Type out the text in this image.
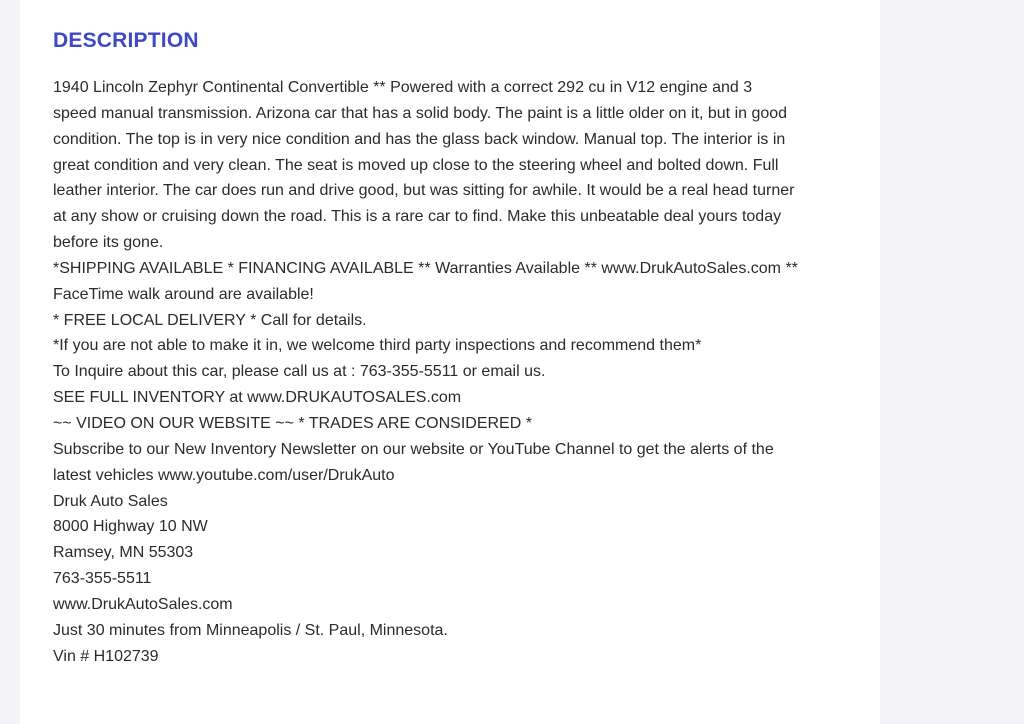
DESCRIPTION
1940 Lincoln Zephyr Continental Convertible ** Powered with a correct 292 cu in V12 engine and 3
speed manual transmission. Arizona car that has a solid body. The paint is a little older on it, but in good
condition. The top is in very nice condition and has the glass back window. Manual top. The interior is in
great condition and very clean. The seat is moved up close to the steering wheel and bolted down. Full
leather interior. The car does run and drive good, but was sitting for awhile. It would be a real head turner
at any show or cruising down the road. This is a rare car to find. Make this unbeatable deal yours today
before its gone.
*SHIPPING AVAILABLE * FINANCING AVAILABLE ** Warranties Available ** www.DrukAutoSales.com **
FaceTime walk around are available!
* FREE LOCAL DELIVERY * Call for details.
*If you are not able to make it in, we welcome third party inspections and recommend them*
To Inquire about this car, please call us at : 763-355-5511 or email us.
SEE FULL INVENTORY at www.DRUKAUTOSALES.com
~~ VIDEO ON OUR WEBSITE ~~ * TRADES ARE CONSIDERED *
Subscribe to our New Inventory Newsletter on our website or YouTube Channel to get the alerts of the
latest vehicles www.youtube.com/user/DrukAuto
Druk Auto Sales
8000 Highway 10 NW
Ramsey, MN 55303
763-355-5511
www.DrukAutoSales.com
Just 30 minutes from Minneapolis / St. Paul, Minnesota.
Vin # H102739
